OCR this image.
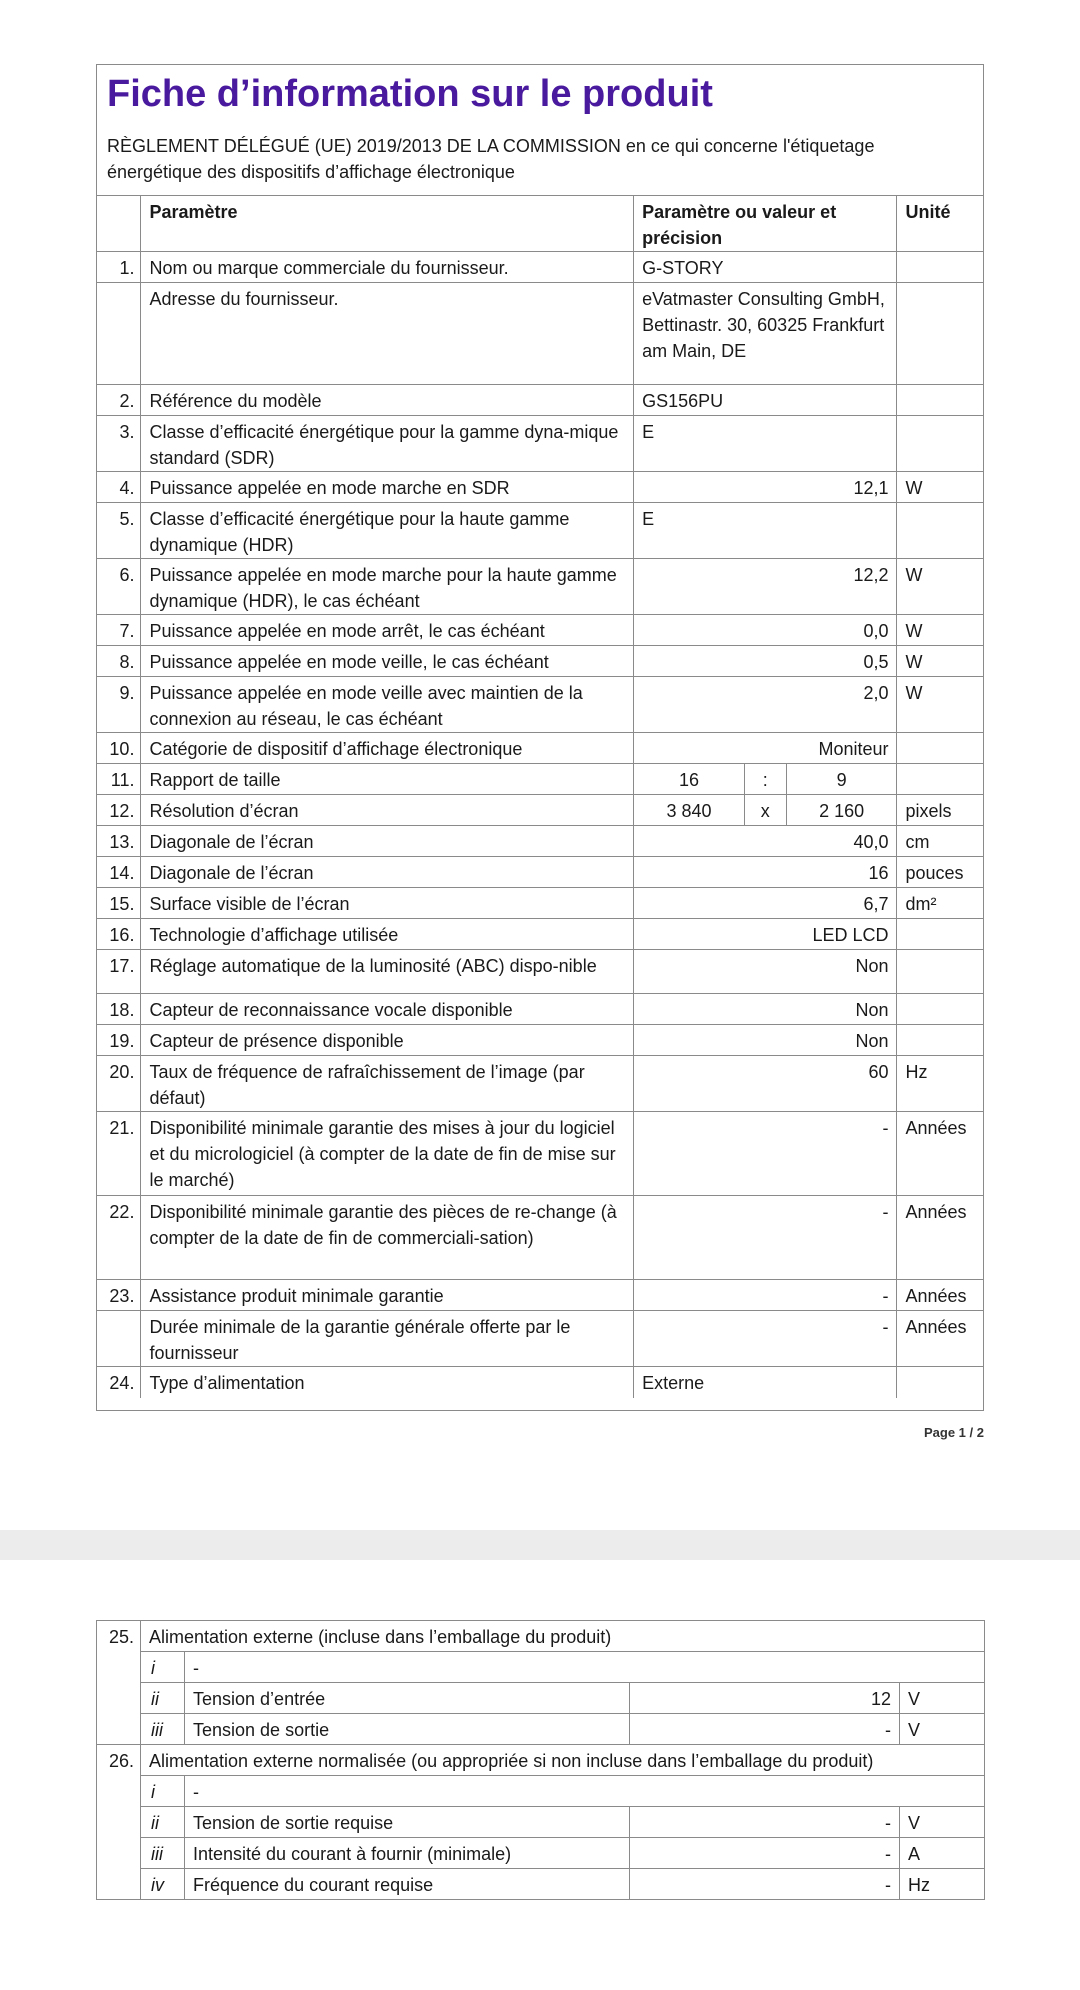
Fiche d’information sur le produit
RÈGLEMENT DÉLÉGUÉ (UE) 2019/2013 DE LA COMMISSION en ce qui concerne l'étiquetage énergétique des dispositifs d’affichage électronique
	Paramètre	Paramètre ou valeur et précision			Unité
1.	Nom ou marque commerciale du fournisseur.	G-STORY			
	Adresse du fournisseur.	eVatmaster Consulting GmbH, Bettinastr. 30, 60325 Frankfurt am Main, DE			
2.	Référence du modèle	GS156PU			
3.	Classe d’efficacité énergétique pour la gamme dyna-mique standard (SDR)	E			
4.	Puissance appelée en mode marche en SDR	12,1			W
5.	Classe d’efficacité énergétique pour la haute gamme dynamique (HDR)	E			
6.	Puissance appelée en mode marche pour la haute gamme dynamique (HDR), le cas échéant	12,2			W
7.	Puissance appelée en mode arrêt, le cas échéant	0,0			W
8.	Puissance appelée en mode veille, le cas échéant	0,5			W
9.	Puissance appelée en mode veille avec maintien de la connexion au réseau, le cas échéant	2,0			W
10.	Catégorie de dispositif d’affichage électronique	Moniteur			
11.	Rapport de taille	16	:	9	
12.	Résolution d’écran	3 840	x	2 160	pixels
13.	Diagonale de l’écran	40,0			cm
14.	Diagonale de l’écran	16			pouces
15.	Surface visible de l’écran	6,7			dm²
16.	Technologie d’affichage utilisée	LED LCD			
17.	Réglage automatique de la luminosité (ABC) dispo-nible	Non			
18.	Capteur de reconnaissance vocale disponible	Non			
19.	Capteur de présence disponible	Non			
20.	Taux de fréquence de rafraîchissement de l’image (par défaut)	60			Hz
21.	Disponibilité minimale garantie des mises à jour du logiciel et du micrologiciel (à compter de la date de fin de mise sur le marché)	-			Années
22.	Disponibilité minimale garantie des pièces de re-change (à compter de la date de fin de commerciali-sation)	-			Années
23.	Assistance produit minimale garantie	-			Années
	Durée minimale de la garantie générale offerte par le fournisseur	-			Années
24.	Type d’alimentation	Externe			
Page 1 / 2
25.	Alimentation externe (incluse dans l’emballage du produit)			
	i	-		
	ii	Tension d’entrée	12	V
	iii	Tension de sortie	-	V
26.	Alimentation externe normalisée (ou appropriée si non incluse dans l’emballage du produit)			
	i	-		
	ii	Tension de sortie requise	-	V
	iii	Intensité du courant à fournir (minimale)	-	A
	iv	Fréquence du courant requise	-	Hz
